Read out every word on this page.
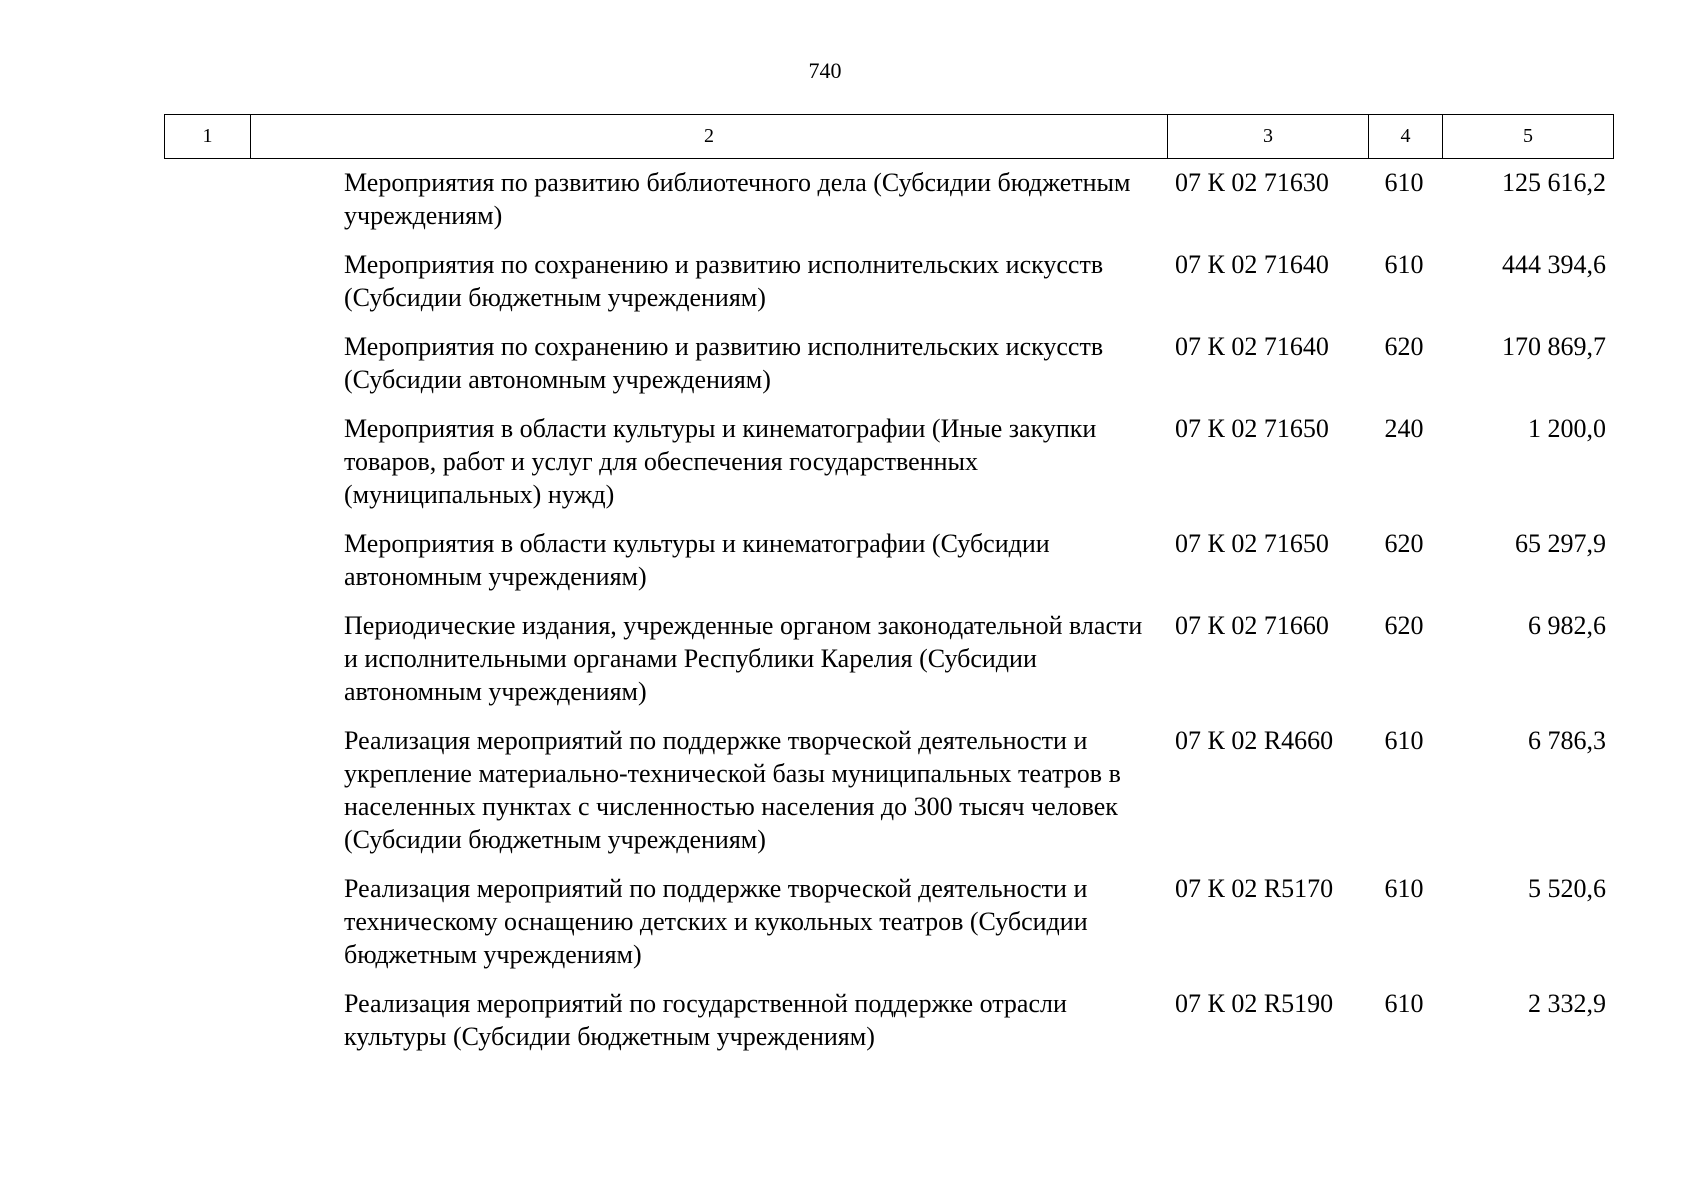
740
1	2	3	4	5
Мероприятия по развитию библиотечного дела (Субсидии бюджетным учреждениям)
07 К 02 71630	610	125 616,2
Мероприятия по сохранению и развитию исполнительских искусств (Субсидии бюджетным учреждениям)
07 К 02 71640	610	444 394,6
Мероприятия по сохранению и развитию исполнительских искусств (Субсидии автономным учреждениям)
07 К 02 71640	620	170 869,7
Мероприятия в области культуры и кинематографии (Иные закупки товаров, работ и услуг для обеспечения государственных (муниципальных) нужд)
07 К 02 71650	240	1 200,0
Мероприятия в области культуры и кинематографии (Субсидии автономным учреждениям)
07 К 02 71650	620	65 297,9
Периодические издания, учрежденные органом законодательной власти и исполнительными органами Республики Карелия (Субсидии автономным учреждениям)
07 К 02 71660	620	6 982,6
Реализация мероприятий по поддержке творческой деятельности и укрепление материально-технической базы муниципальных театров в населенных пунктах с численностью населения до 300 тысяч человек (Субсидии бюджетным учреждениям)
07 К 02 R4660	610	6 786,3
Реализация мероприятий по поддержке творческой деятельности и техническому оснащению детских и кукольных театров (Субсидии бюджетным учреждениям)
07 К 02 R5170	610	5 520,6
Реализация мероприятий по государственной поддержке отрасли культуры (Субсидии бюджетным учреждениям)
07 К 02 R5190	610	2 332,9
